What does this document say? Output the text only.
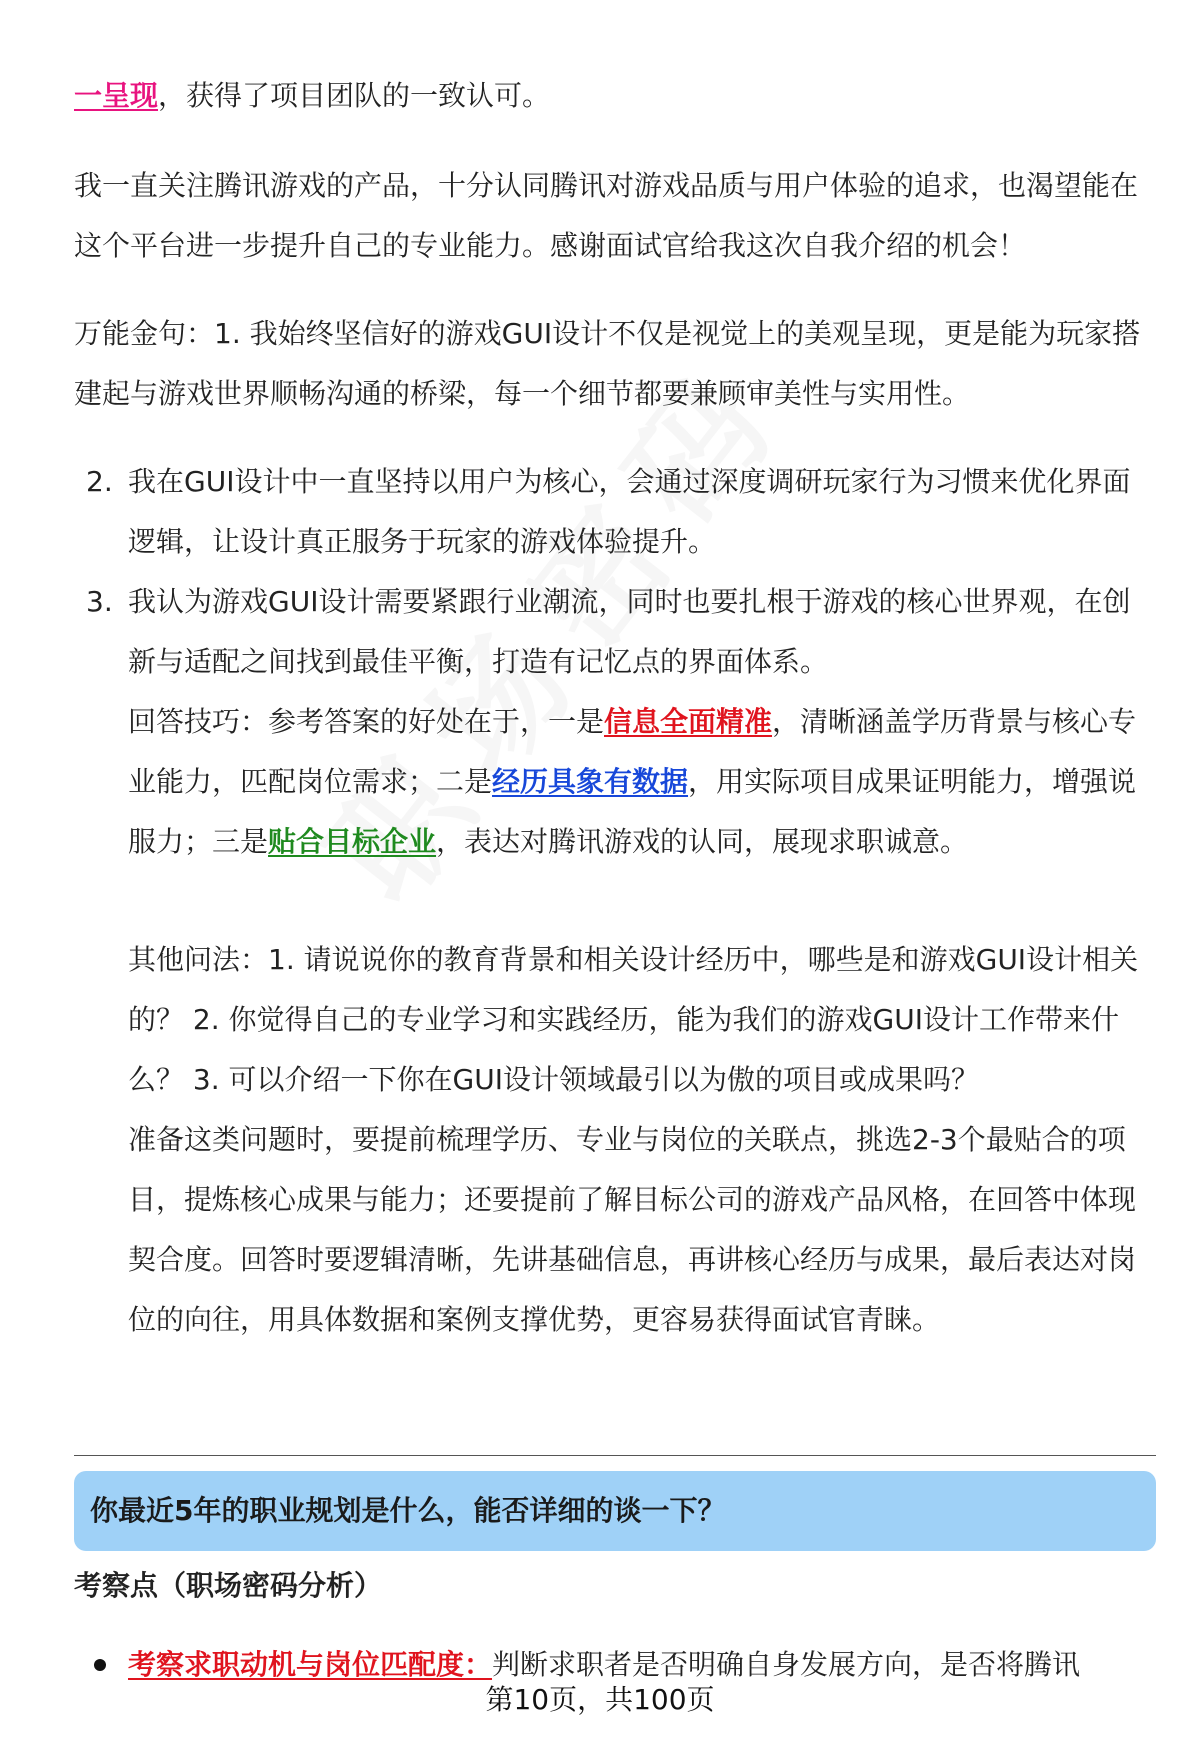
一呈现，获得了项目团队的一致认可。

我一直关注腾讯游戏的产品，十分认同腾讯对游戏品质与用户体验的追求，也渴望能在这个平台进一步提升自己的专业能力。感谢面试官给我这次自我介绍的机会！

万能金句：1. 我始终坚信好的游戏GUI设计不仅是视觉上的美观呈现，更是能为玩家搭建起与游戏世界顺畅沟通的桥梁，每一个细节都要兼顾审美性与实用性。

2. 我在GUI设计中一直坚持以用户为核心，会通过深度调研玩家行为习惯来优化界面逻辑，让设计真正服务于玩家的游戏体验提升。
3. 我认为游戏GUI设计需要紧跟行业潮流，同时也要扎根于游戏的核心世界观，在创新与适配之间找到最佳平衡，打造有记忆点的界面体系。

回答技巧：参考答案的好处在于，一是信息全面精准，清晰涵盖学历背景与核心专业能力，匹配岗位需求；二是经历具象有数据，用实际项目成果证明能力，增强说服力；三是贴合目标企业，表达对腾讯游戏的认同，展现求职诚意。

其他问法：1. 请说说你的教育背景和相关设计经历中，哪些是和游戏GUI设计相关的？ 2. 你觉得自己的专业学习和实践经历，能为我们的游戏GUI设计工作带来什么？ 3. 可以介绍一下你在GUI设计领域最引以为傲的项目或成果吗？

准备这类问题时，要提前梳理学历、专业与岗位的关联点，挑选2-3个最贴合的项目，提炼核心成果与能力；还要提前了解目标公司的游戏产品风格，在回答中体现契合度。回答时要逻辑清晰，先讲基础信息，再讲核心经历与成果，最后表达对岗位的向往，用具体数据和案例支撑优势，更容易获得面试官青睐。

你最近5年的职业规划是什么，能否详细的谈一下？
考察点（职场密码分析）
考察求职动机与岗位匹配度：判断求职者是否明确自身发展方向，是否将腾讯
第10页，共100页
